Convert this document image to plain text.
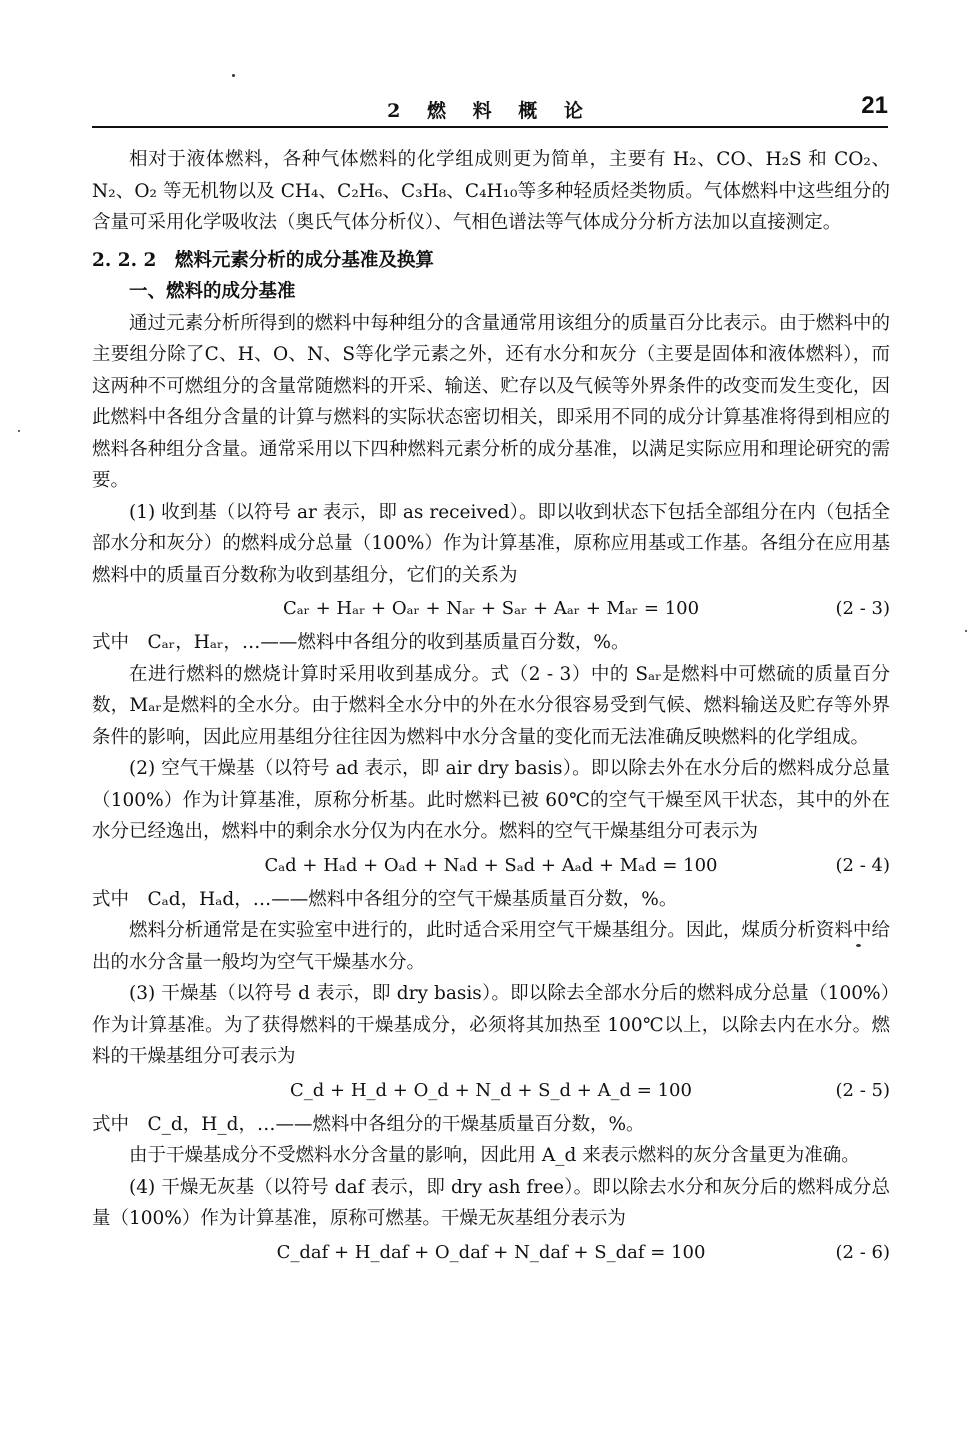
2 燃 料 概 论	21

相对于液体燃料，各种气体燃料的化学组成则更为简单，主要有 H₂、CO、H₂S 和 CO₂、N₂、O₂ 等无机物以及 CH₄、C₂H₆、C₃H₈、C₄H₁₀等多种轻质烃类物质。气体燃料中这些组分的含量可采用化学吸收法（奥氏气体分析仪）、气相色谱法等气体成分分析方法加以直接测定。

2. 2. 2　燃料元素分析的成分基准及换算

一、燃料的成分基准

通过元素分析所得到的燃料中每种组分的含量通常用该组分的质量百分比表示。由于燃料中的主要组分除了C、H、O、N、S等化学元素之外，还有水分和灰分（主要是固体和液体燃料），而这两种不可燃组分的含量常随燃料的开采、输送、贮存以及气候等外界条件的改变而发生变化，因此燃料中各组分含量的计算与燃料的实际状态密切相关，即采用不同的成分计算基准将得到相应的燃料各种组分含量。通常采用以下四种燃料元素分析的成分基准，以满足实际应用和理论研究的需要。

(1) 收到基（以符号 ar 表示，即 as received）。即以收到状态下包括全部组分在内（包括全部水分和灰分）的燃料成分总量（100%）作为计算基准，原称应用基或工作基。各组分在应用基燃料中的质量百分数称为收到基组分，它们的关系为

Cₐᵣ + Hₐᵣ + Oₐᵣ + Nₐᵣ + Sₐᵣ + Aₐᵣ + Mₐᵣ = 100	(2 - 3)

式中　Cₐᵣ，Hₐᵣ，…——燃料中各组分的收到基质量百分数，%。

在进行燃料的燃烧计算时采用收到基成分。式（2 - 3）中的 Sₐᵣ是燃料中可燃硫的质量百分数，Mₐᵣ是燃料的全水分。由于燃料全水分中的外在水分很容易受到气候、燃料输送及贮存等外界条件的影响，因此应用基组分往往因为燃料中水分含量的变化而无法准确反映燃料的化学组成。

(2) 空气干燥基（以符号 ad 表示，即 air dry basis）。即以除去外在水分后的燃料成分总量（100%）作为计算基准，原称分析基。此时燃料已被 60℃的空气干燥至风干状态，其中的外在水分已经逸出，燃料中的剩余水分仅为内在水分。燃料的空气干燥基组分可表示为

Cₐd + Hₐd + Oₐd + Nₐd + Sₐd + Aₐd + Mₐd = 100	(2 - 4)

式中　Cₐd，Hₐd，…——燃料中各组分的空气干燥基质量百分数，%。

燃料分析通常是在实验室中进行的，此时适合采用空气干燥基组分。因此，煤质分析资料中给出的水分含量一般均为空气干燥基水分。

(3) 干燥基（以符号 d 表示，即 dry basis）。即以除去全部水分后的燃料成分总量（100%）作为计算基准。为了获得燃料的干燥基成分，必须将其加热至 100℃以上，以除去内在水分。燃料的干燥基组分可表示为

C_d + H_d + O_d + N_d + S_d + A_d = 100	(2 - 5)

式中　C_d，H_d，…——燃料中各组分的干燥基质量百分数，%。

由于干燥基成分不受燃料水分含量的影响，因此用 A_d 来表示燃料的灰分含量更为准确。

(4) 干燥无灰基（以符号 daf 表示，即 dry ash free）。即以除去水分和灰分后的燃料成分总量（100%）作为计算基准，原称可燃基。干燥无灰基组分表示为

C_daf + H_daf + O_daf + N_daf + S_daf = 100	(2 - 6)
